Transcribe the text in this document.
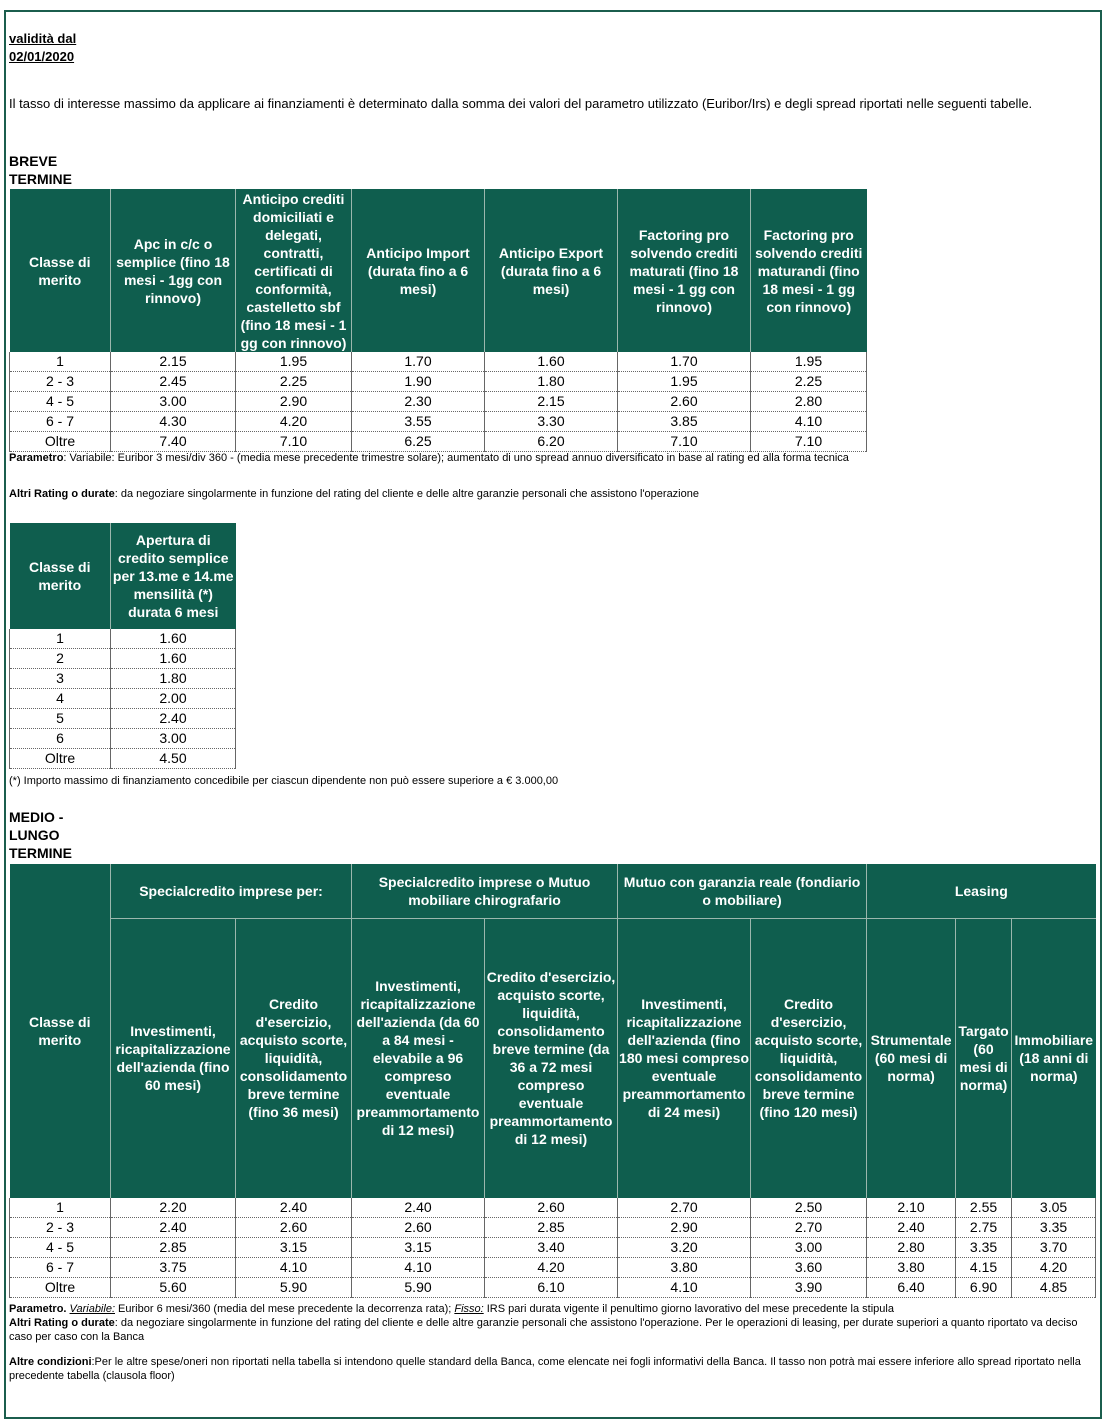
validità dal
02/01/2020
Il tasso di interesse massimo da applicare ai finanziamenti è determinato dalla somma dei valori del parametro utilizzato (Euribor/Irs) e degli spread riportati nelle seguenti tabelle.
BREVE
TERMINE
Classe di merito	Apc in c/c o semplice (fino 18 mesi - 1gg con rinnovo)	Anticipo crediti domiciliati e delegati, contratti, certificati di conformità, castelletto sbf (fino 18 mesi - 1 gg con rinnovo)	Anticipo Import (durata fino a 6 mesi)	Anticipo Export (durata fino a 6 mesi)	Factoring pro solvendo crediti maturati (fino 18 mesi - 1 gg con rinnovo)	Factoring pro solvendo crediti maturandi (fino 18 mesi - 1 gg con rinnovo)
1	2.15	1.95	1.70	1.60	1.70	1.95
2 - 3	2.45	2.25	1.90	1.80	1.95	2.25
4 - 5	3.00	2.90	2.30	2.15	2.60	2.80
6 - 7	4.30	4.20	3.55	3.30	3.85	4.10
Oltre	7.40	7.10	6.25	6.20	7.10	7.10
Parametro: Variabile: Euribor 3 mesi/div 360 - (media mese precedente trimestre solare); aumentato di uno spread annuo diversificato in base al rating ed alla forma tecnica
Altri Rating o durate: da negoziare singolarmente in funzione del rating del cliente e delle altre garanzie personali che assistono l'operazione
Classe di merito	Apertura di credito semplice per 13.me e 14.me mensilità (*) durata 6 mesi
1	1.60
2	1.60
3	1.80
4	2.00
5	2.40
6	3.00
Oltre	4.50
(*) Importo massimo di finanziamento concedibile per ciascun dipendente non può essere superiore a € 3.000,00
MEDIO -
LUNGO
TERMINE
Classe di merito	Specialcredito imprese per:		Specialcredito imprese o Mutuo mobiliare chirografario		Mutuo con garanzia reale (fondiario o mobiliare)		Leasing		
	Investimenti, ricapitalizzazione dell'azienda (fino 60 mesi)	Credito d'esercizio, acquisto scorte, liquidità, consolidamento breve termine (fino 36 mesi)	Investimenti, ricapitalizzazione dell'azienda (da 60 a 84 mesi - elevabile a 96 compreso eventuale preammortamento di 12 mesi)	Credito d'esercizio, acquisto scorte, liquidità, consolidamento breve termine (da 36 a 72 mesi compreso eventuale preammortamento di 12 mesi)	Investimenti, ricapitalizzazione dell'azienda (fino 180 mesi compreso eventuale preammortamento di 24 mesi)	Credito d'esercizio, acquisto scorte, liquidità, consolidamento breve termine (fino 120 mesi)	Strumentale (60 mesi di norma)	Targato (60 mesi di norma)	Immobiliare (18 anni di norma)
1	2.20	2.40	2.40	2.60	2.70	2.50	2.10	2.55	3.05
2 - 3	2.40	2.60	2.60	2.85	2.90	2.70	2.40	2.75	3.35
4 - 5	2.85	3.15	3.15	3.40	3.20	3.00	2.80	3.35	3.70
6 - 7	3.75	4.10	4.10	4.20	3.80	3.60	3.80	4.15	4.20
Oltre	5.60	5.90	5.90	6.10	4.10	3.90	6.40	6.90	4.85
Parametro. Variabile: Euribor 6 mesi/360 (media del mese precedente la decorrenza rata); Fisso: IRS pari durata vigente il penultimo giorno lavorativo del mese precedente la stipula
Altri Rating o durate: da negoziare singolarmente in funzione del rating del cliente e delle altre garanzie personali che assistono l'operazione. Per le operazioni di leasing, per durate superiori a quanto riportato va deciso caso per caso con la Banca
Altre condizioni:Per le altre spese/oneri non riportati nella tabella si intendono quelle standard della Banca, come elencate nei fogli informativi della Banca. Il tasso non potrà mai essere inferiore allo spread riportato nella precedente tabella (clausola floor)
